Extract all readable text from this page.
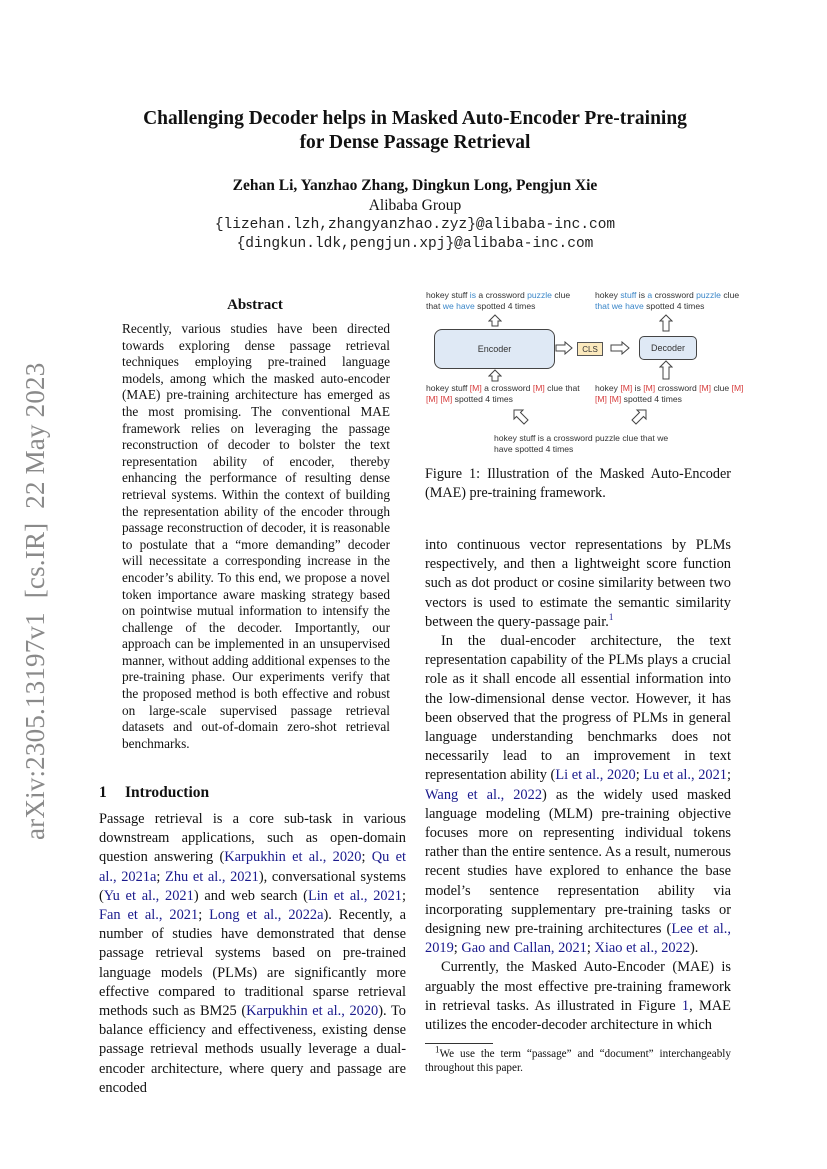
arXiv:2305.13197v1  [cs.IR]  22 May 2023
Challenging Decoder helps in Masked Auto-Encoder Pre-training
for Dense Passage Retrieval
Zehan Li, Yanzhao Zhang, Dingkun Long, Pengjun Xie
Alibaba Group
{lizehan.lzh,zhangyanzhao.zyz}@alibaba-inc.com
{dingkun.ldk,pengjun.xpj}@alibaba-inc.com
Abstract
Recently, various studies have been directed towards exploring dense passage retrieval techniques employing pre-trained language models, among which the masked auto-encoder (MAE) pre-training architecture has emerged as the most promising. The conventional MAE framework relies on leveraging the passage reconstruction of decoder to bolster the text representation ability of encoder, thereby enhancing the performance of resulting dense retrieval systems. Within the context of building the representation ability of the encoder through passage reconstruction of decoder, it is reasonable to postulate that a “more demanding” decoder will necessitate a corresponding increase in the encoder’s ability. To this end, we propose a novel token importance aware masking strategy based on pointwise mutual information to intensify the challenge of the decoder. Importantly, our approach can be implemented in an unsupervised manner, without adding additional expenses to the pre-training phase. Our experiments verify that the proposed method is both effective and robust on large-scale supervised passage retrieval datasets and out-of-domain zero-shot retrieval benchmarks.
1 Introduction
Passage retrieval is a core sub-task in various downstream applications, such as open-domain question answering (Karpukhin et al., 2020; Qu et al., 2021a; Zhu et al., 2021), conversational systems (Yu et al., 2021) and web search (Lin et al., 2021; Fan et al., 2021; Long et al., 2022a). Recently, a number of studies have demonstrated that dense passage retrieval systems based on pre-trained language models (PLMs) are significantly more effective compared to traditional sparse retrieval methods such as BM25 (Karpukhin et al., 2020). To balance efficiency and effectiveness, existing dense passage retrieval methods usually leverage a dual-encoder architecture, where query and passage are encoded
into continuous vector representations by PLMs respectively, and then a lightweight score function such as dot product or cosine similarity between two vectors is used to estimate the semantic similarity between the query-passage pair.$^1$
In the dual-encoder architecture, the text representation capability of the PLMs plays a crucial role as it shall encode all essential information into the low-dimensional dense vector. However, it has been observed that the progress of PLMs in general language understanding benchmarks does not necessarily lead to an improvement in text representation ability (Li et al., 2020; Lu et al., 2021; Wang et al., 2022) as the widely used masked language modeling (MLM) pre-training objective focuses more on representing individual tokens rather than the entire sentence. As a result, numerous recent studies have explored to enhance the base model’s sentence representation ability via incorporating supplementary pre-training tasks or designing new pre-training architectures (Lee et al., 2019; Gao and Callan, 2021; Xiao et al., 2022).
Currently, the Masked Auto-Encoder (MAE) is arguably the most effective pre-training framework in retrieval tasks. As illustrated in Figure 1, MAE utilizes the encoder-decoder architecture in which
hokey stuff is a crossword puzzle clue that we have spotted 4 times
hokey stuff is a crossword puzzle clue that we have spotted 4 times
Encoder	CLS	Decoder
hokey stuff [M] a crossword [M] clue that [M] [M] spotted 4 times
hokey [M] is [M] crossword [M] clue [M] [M] [M] spotted 4 times
hokey stuff is a crossword puzzle clue that we have spotted 4 times
Figure 1: Illustration of the Masked Auto-Encoder (MAE) pre-training framework.
$^1$We use the term “passage” and “document” interchangeably throughout this paper.
